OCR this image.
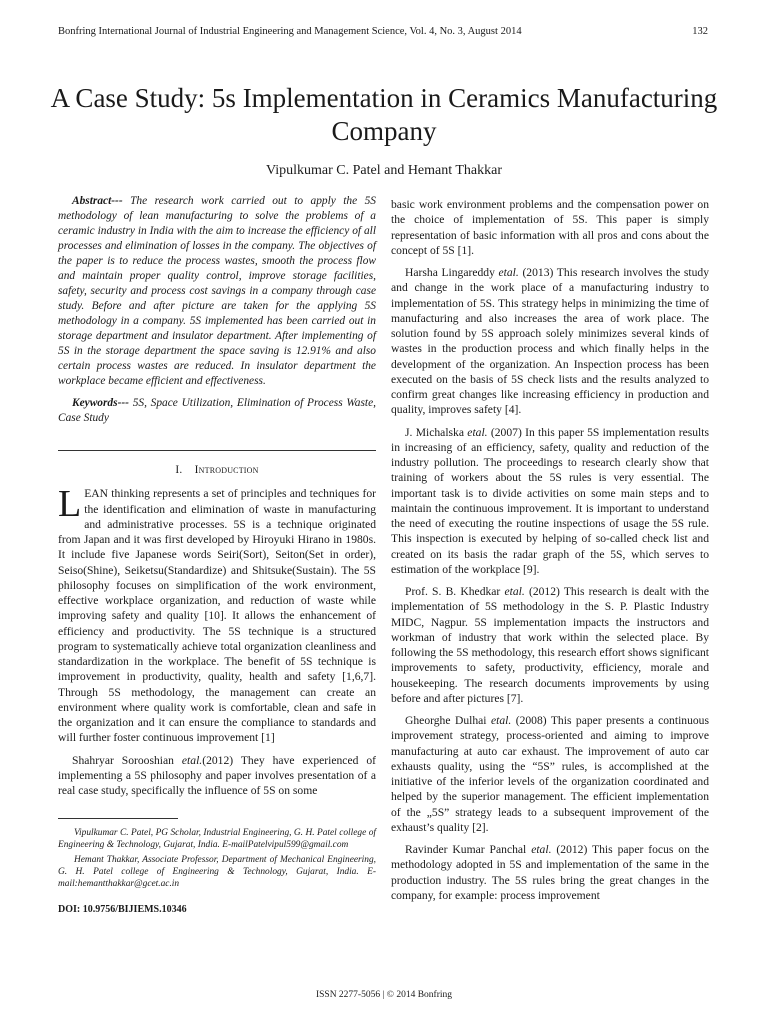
Bonfring International Journal of Industrial Engineering and Management Science, Vol. 4, No. 3, August 2014	132
A Case Study: 5s Implementation in Ceramics Manufacturing Company
Vipulkumar C. Patel and Hemant Thakkar

Abstract--- The research work carried out to apply the 5S methodology of lean manufacturing to solve the problems of a ceramic industry in India with the aim to increase the efficiency of all processes and elimination of losses in the company. The objectives of the paper is to reduce the process wastes, smooth the process flow and maintain proper quality control, improve storage facilities, safety, security and process cost savings in a company through case study. Before and after picture are taken for the applying 5S methodology in a company. 5S implemented has been carried out in storage department and insulator department. After implementing of 5S in the storage department the space saving is 12.91% and also certain process wastes are reduced. In insulator department the workplace became efficient and effectiveness.

Keywords--- 5S, Space Utilization, Elimination of Process Waste, Case Study

I. Introduction

LEAN thinking represents a set of principles and techniques for the identification and elimination of waste in manufacturing and administrative processes. 5S is a technique originated from Japan and it was first developed by Hiroyuki Hirano in 1980s. It include five Japanese words Seiri(Sort), Seiton(Set in order), Seiso(Shine), Seiketsu(Standardize) and Shitsuke(Sustain). The 5S philosophy focuses on simplification of the work environment, effective workplace organization, and reduction of waste while improving safety and quality [10]. It allows the enhancement of efficiency and productivity. The 5S technique is a structured program to systematically achieve total organization cleanliness and standardization in the workplace. The benefit of 5S technique is improvement in productivity, quality, health and safety [1,6,7]. Through 5S methodology, the management can create an environment where quality work is comfortable, clean and safe in the organization and it can ensure the compliance to standards and will further foster continuous improvement [1]

Shahryar Sorooshian etal.(2012) They have experienced of implementing a 5S philosophy and paper involves presentation of a real case study, specifically the influence of 5S on some

Vipulkumar C. Patel, PG Scholar, Industrial Engineering, G. H. Patel college of Engineering & Technology, Gujarat, India. E-mailPatelvipul599@gmail.com

Hemant Thakkar, Associate Professor, Department of Mechanical Engineering, G. H. Patel college of Engineering & Technology, Gujarat, India. E-mail:hemantthakkar@gcet.ac.in

DOI: 10.9756/BIJIEMS.10346

basic work environment problems and the compensation power on the choice of implementation of 5S. This paper is simply representation of basic information with all pros and cons about the concept of 5S [1].

Harsha Lingareddy etal. (2013) This research involves the study and change in the work place of a manufacturing industry to implementation of 5S. This strategy helps in minimizing the time of manufacturing and also increases the area of work place. The solution found by 5S approach solely minimizes several kinds of wastes in the production process and which finally helps in the development of the organization. An Inspection process has been executed on the basis of 5S check lists and the results analyzed to confirm great changes like increasing efficiency in production and quality, improves safety [4].

J. Michalska etal. (2007) In this paper 5S implementation results in increasing of an efficiency, safety, quality and reduction of the industry pollution. The proceedings to research clearly show that training of workers about the 5S rules is very essential. The important task is to divide activities on some main steps and to maintain the continuous improvement. It is important to understand the need of executing the routine inspections of usage the 5S rule. This inspection is executed by helping of so-called check list and created on its basis the radar graph of the 5S, which serves to estimation of the workplace [9].

Prof. S. B. Khedkar etal. (2012) This research is dealt with the implementation of 5S methodology in the S. P. Plastic Industry MIDC, Nagpur. 5S implementation impacts the instructors and workman of industry that work within the selected place. By following the 5S methodology, this research effort shows significant improvements to safety, productivity, efficiency, morale and housekeeping. The research documents improvements by using before and after pictures [7].

Gheorghe Dulhai etal. (2008) This paper presents a continuous improvement strategy, process-oriented and aiming to improve manufacturing at auto car exhaust. The improvement of auto car exhausts quality, using the “5S” rules, is accomplished at the initiative of the inferior levels of the organization coordinated and helped by the superior management. The efficient implementation of the „5S” strategy leads to a subsequent improvement of the exhaust’s quality [2].

Ravinder Kumar Panchal etal. (2012) This paper focus on the methodology adopted in 5S and implementation of the same in the production industry. The 5S rules bring the great changes in the company, for example: process improvement

ISSN 2277-5056 | © 2014 Bonfring
